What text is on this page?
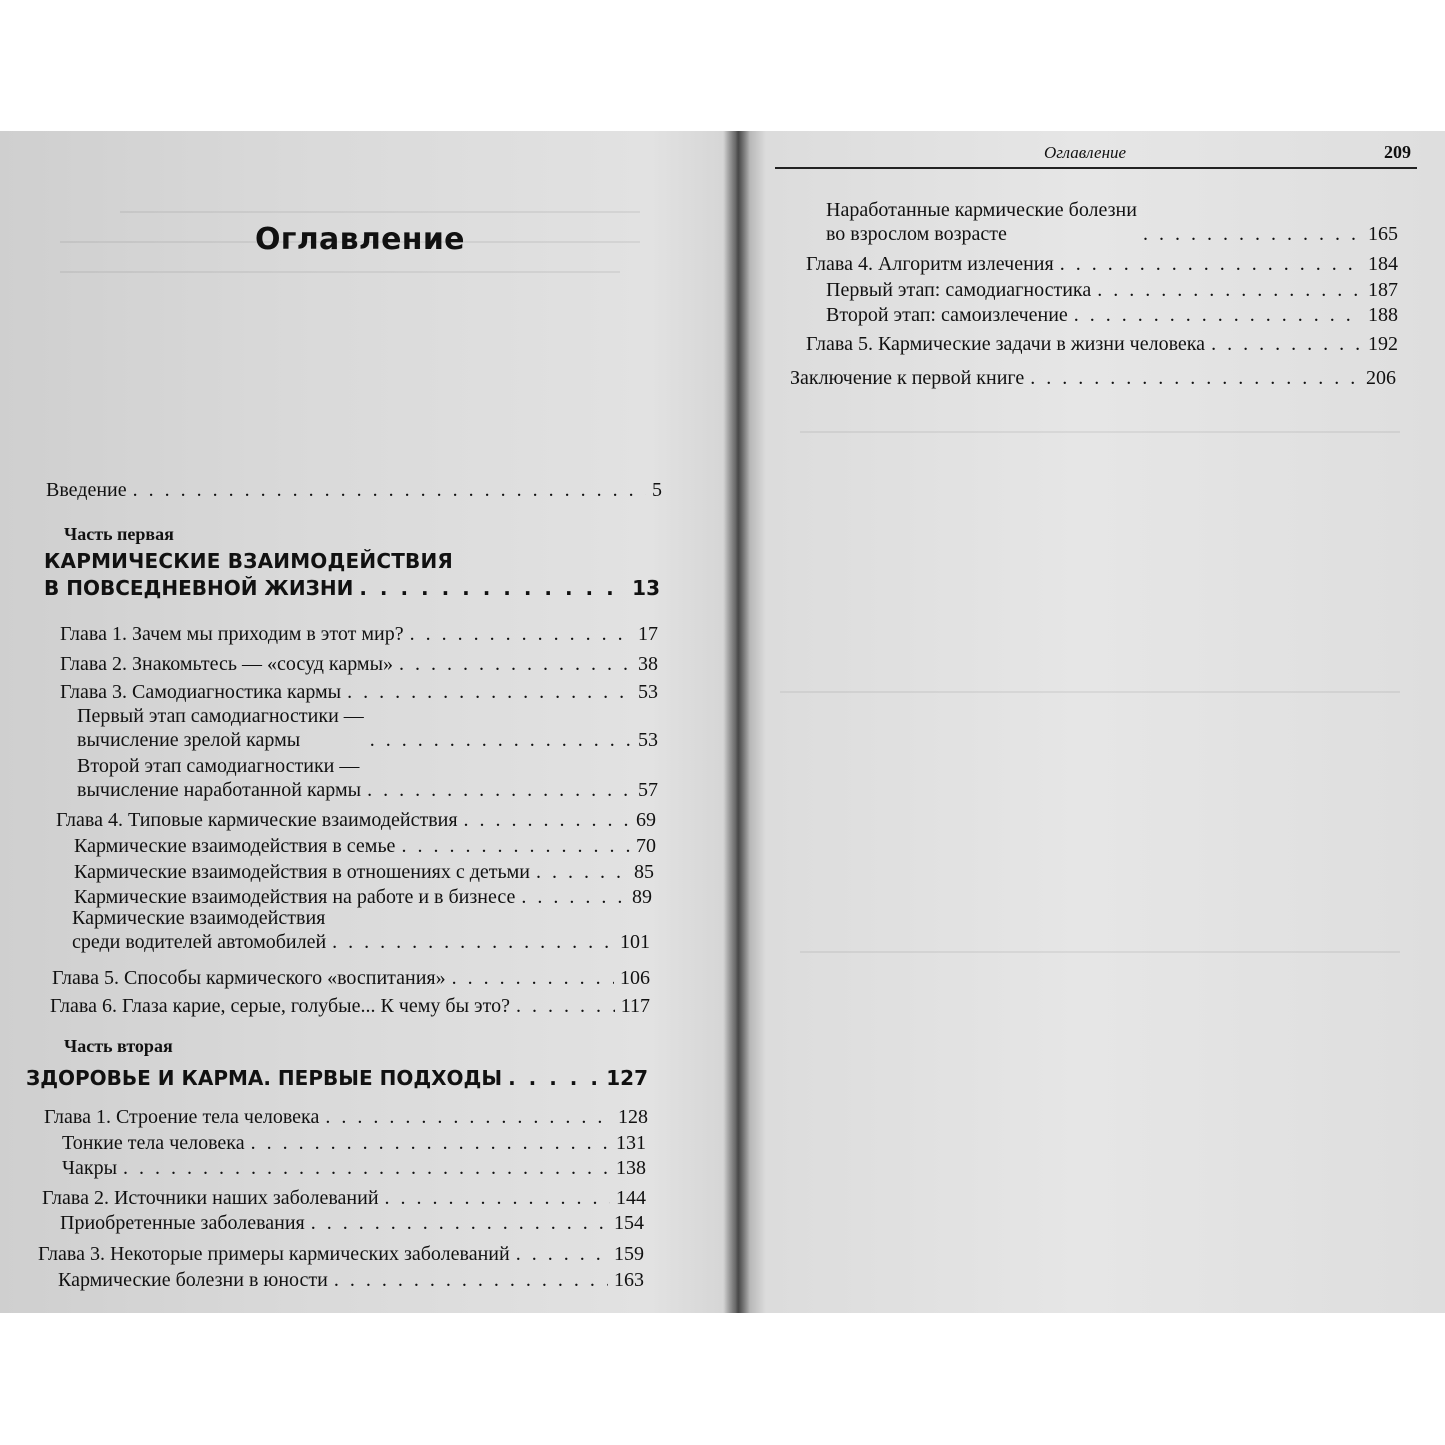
Оглавление
Введение . . .	5

Часть первая

КАРМИЧЕСКИЕ ВЗАИМОДЕЙСТВИЯ

В ПОВСЕДНЕВНОЙ ЖИЗНИ . . .	13
Глава 1. Зачем мы приходим в этот мир? . . .	17
Глава 2. Знакомьтесь — «сосуд кармы» . . .	38
Глава 3. Самодиагностика кармы . . .	53
Первый этап самодиагностики —
вычисление зрелой кармы . . .	53
Второй этап самодиагностики —
вычисление наработанной кармы . . .	57
Глава 4. Типовые кармические взаимодействия . . .	69
Кармические взаимодействия в семье . . .	70
Кармические взаимодействия в отношениях с детьми . . .	85
Кармические взаимодействия на работе и в бизнесе . . .	89
Кармические взаимодействия
среди водителей автомобилей . . .	101
Глава 5. Способы кармического «воспитания» . . .	106
Глава 6. Глаза карие, серые, голубые... К чему бы это? . . .	117

Часть вторая

ЗДОРОВЬЕ И КАРМА. ПЕРВЫЕ ПОДХОДЫ . . .	127
Глава 1. Строение тела человека . . .	128
Тонкие тела человека . . .	131
Чакры . . .	138
Глава 2. Источники наших заболеваний . . .	144
Приобретенные заболевания . . .	154
Глава 3. Некоторые примеры кармических заболеваний . . .	159
Кармические болезни в юности . . .	163
Оглавление	209
Наработанные кармические болезни
во взрослом возрасте . . .	165
Глава 4. Алгоритм излечения . . .	184
Первый этап: самодиагностика . . .	187
Второй этап: самоизлечение . . .	188
Глава 5. Кармические задачи в жизни человека . . .	192
Заключение к первой книге . . .	206
